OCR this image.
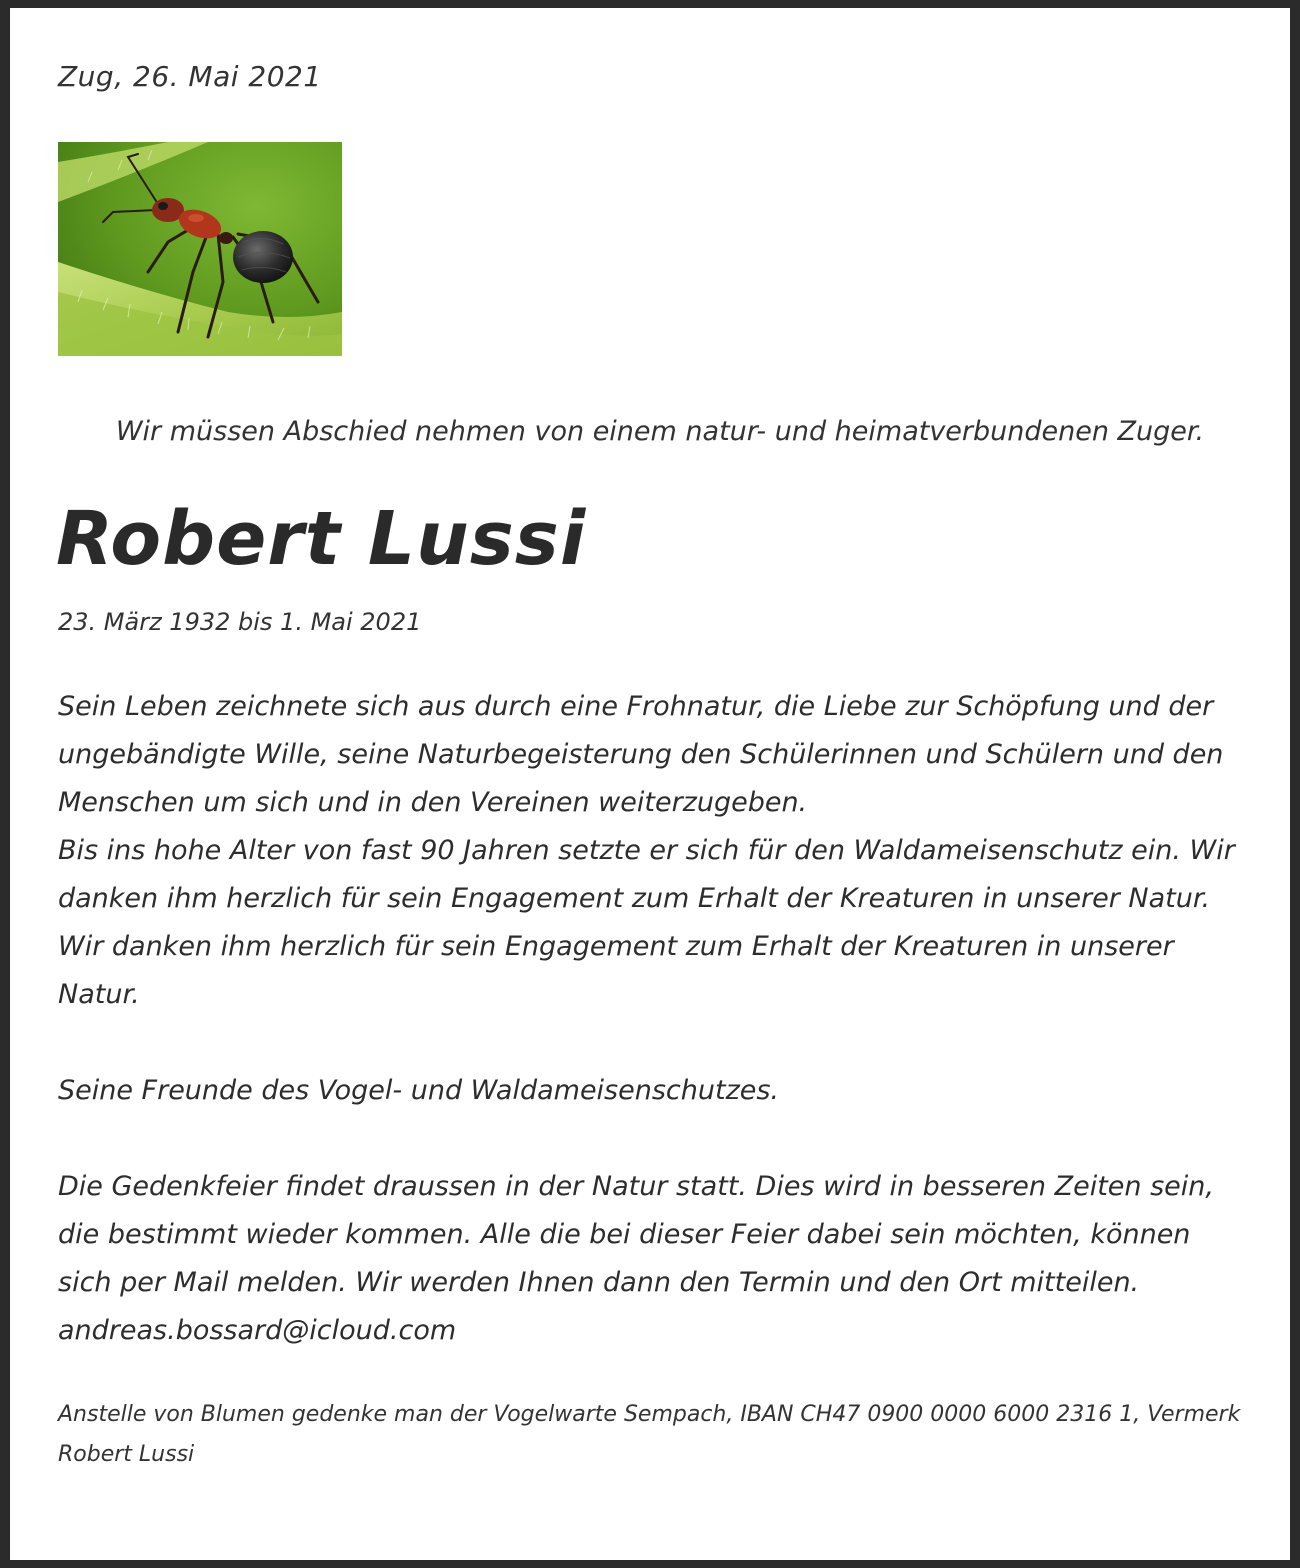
Zug, 26. Mai 2021
Wir müssen Abschied nehmen von einem natur- und heimatverbundenen Zuger.
Robert Lussi
23. März 1932 bis 1. Mai 2021

Sein Leben zeichnete sich aus durch eine Frohnatur, die Liebe zur Schöpfung und der ungebändigte Wille, seine Naturbegeisterung den Schülerinnen und Schülern und den Menschen um sich und in den Vereinen weiterzugeben.

Bis ins hohe Alter von fast 90 Jahren setzte er sich für den Waldameisenschutz ein. Wir danken ihm herzlich für sein Engagement zum Erhalt der Kreaturen in unserer Natur.

Wir danken ihm herzlich für sein Engagement zum Erhalt der Kreaturen in unserer Natur.

Seine Freunde des Vogel- und Waldameisenschutzes.

Die Gedenkfeier findet draussen in der Natur statt. Dies wird in besseren Zeiten sein, die bestimmt wieder kommen. Alle die bei dieser Feier dabei sein möchten, können sich per Mail melden. Wir werden Ihnen dann den Termin und den Ort mitteilen.

andreas.bossard@icloud.com

Anstelle von Blumen gedenke man der Vogelwarte Sempach, IBAN CH47 0900 0000 6000 2316 1, Vermerk Robert Lussi
